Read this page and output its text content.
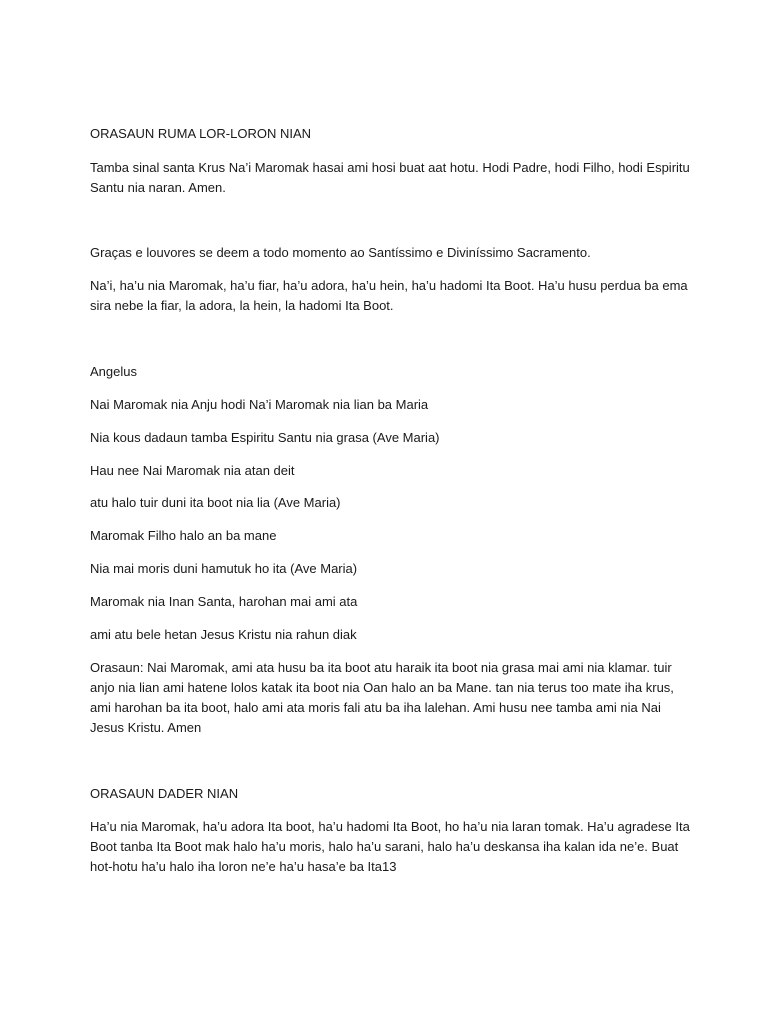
ORASAUN RUMA LOR-LORON NIAN

Tamba sinal santa Krus Na’i Maromak hasai ami hosi buat aat hotu. Hodi Padre, hodi Filho, hodi Espiritu Santu nia naran. Amen.

Graças e louvores se deem a todo momento ao Santíssimo e Diviníssimo Sacramento.

Na’i, ha’u nia Maromak, ha’u fiar, ha’u adora, ha’u hein, ha’u hadomi Ita Boot. Ha’u husu perdua ba ema sira nebe la fiar, la adora, la hein, la hadomi Ita Boot.

Angelus

Nai Maromak nia Anju hodi Na’i Maromak nia lian ba Maria

Nia kous dadaun tamba Espiritu Santu nia grasa (Ave Maria)

Hau nee Nai Maromak nia atan deit

atu halo tuir duni ita boot nia lia (Ave Maria)

Maromak Filho halo an ba mane

Nia mai moris duni hamutuk ho ita (Ave Maria)

Maromak nia Inan Santa, harohan mai ami ata

ami atu bele hetan Jesus Kristu nia rahun diak

Orasaun: Nai Maromak, ami ata husu ba ita boot atu haraik ita boot nia grasa mai ami nia klamar. tuir anjo nia lian ami hatene lolos katak ita boot nia Oan halo an ba Mane. tan nia terus too mate iha krus, ami harohan ba ita boot, halo ami ata moris fali atu ba iha lalehan. Ami husu nee tamba ami nia Nai Jesus Kristu. Amen

ORASAUN DADER NIAN

Ha’u nia Maromak, ha’u adora Ita boot, ha’u hadomi Ita Boot, ho ha’u nia laran tomak. Ha’u agradese Ita Boot tanba Ita Boot mak halo ha’u moris, halo ha’u sarani, halo ha’u deskansa iha kalan ida ne’e. Buat hot-hotu ha’u halo iha loron ne’e ha’u hasa’e ba Ita13
